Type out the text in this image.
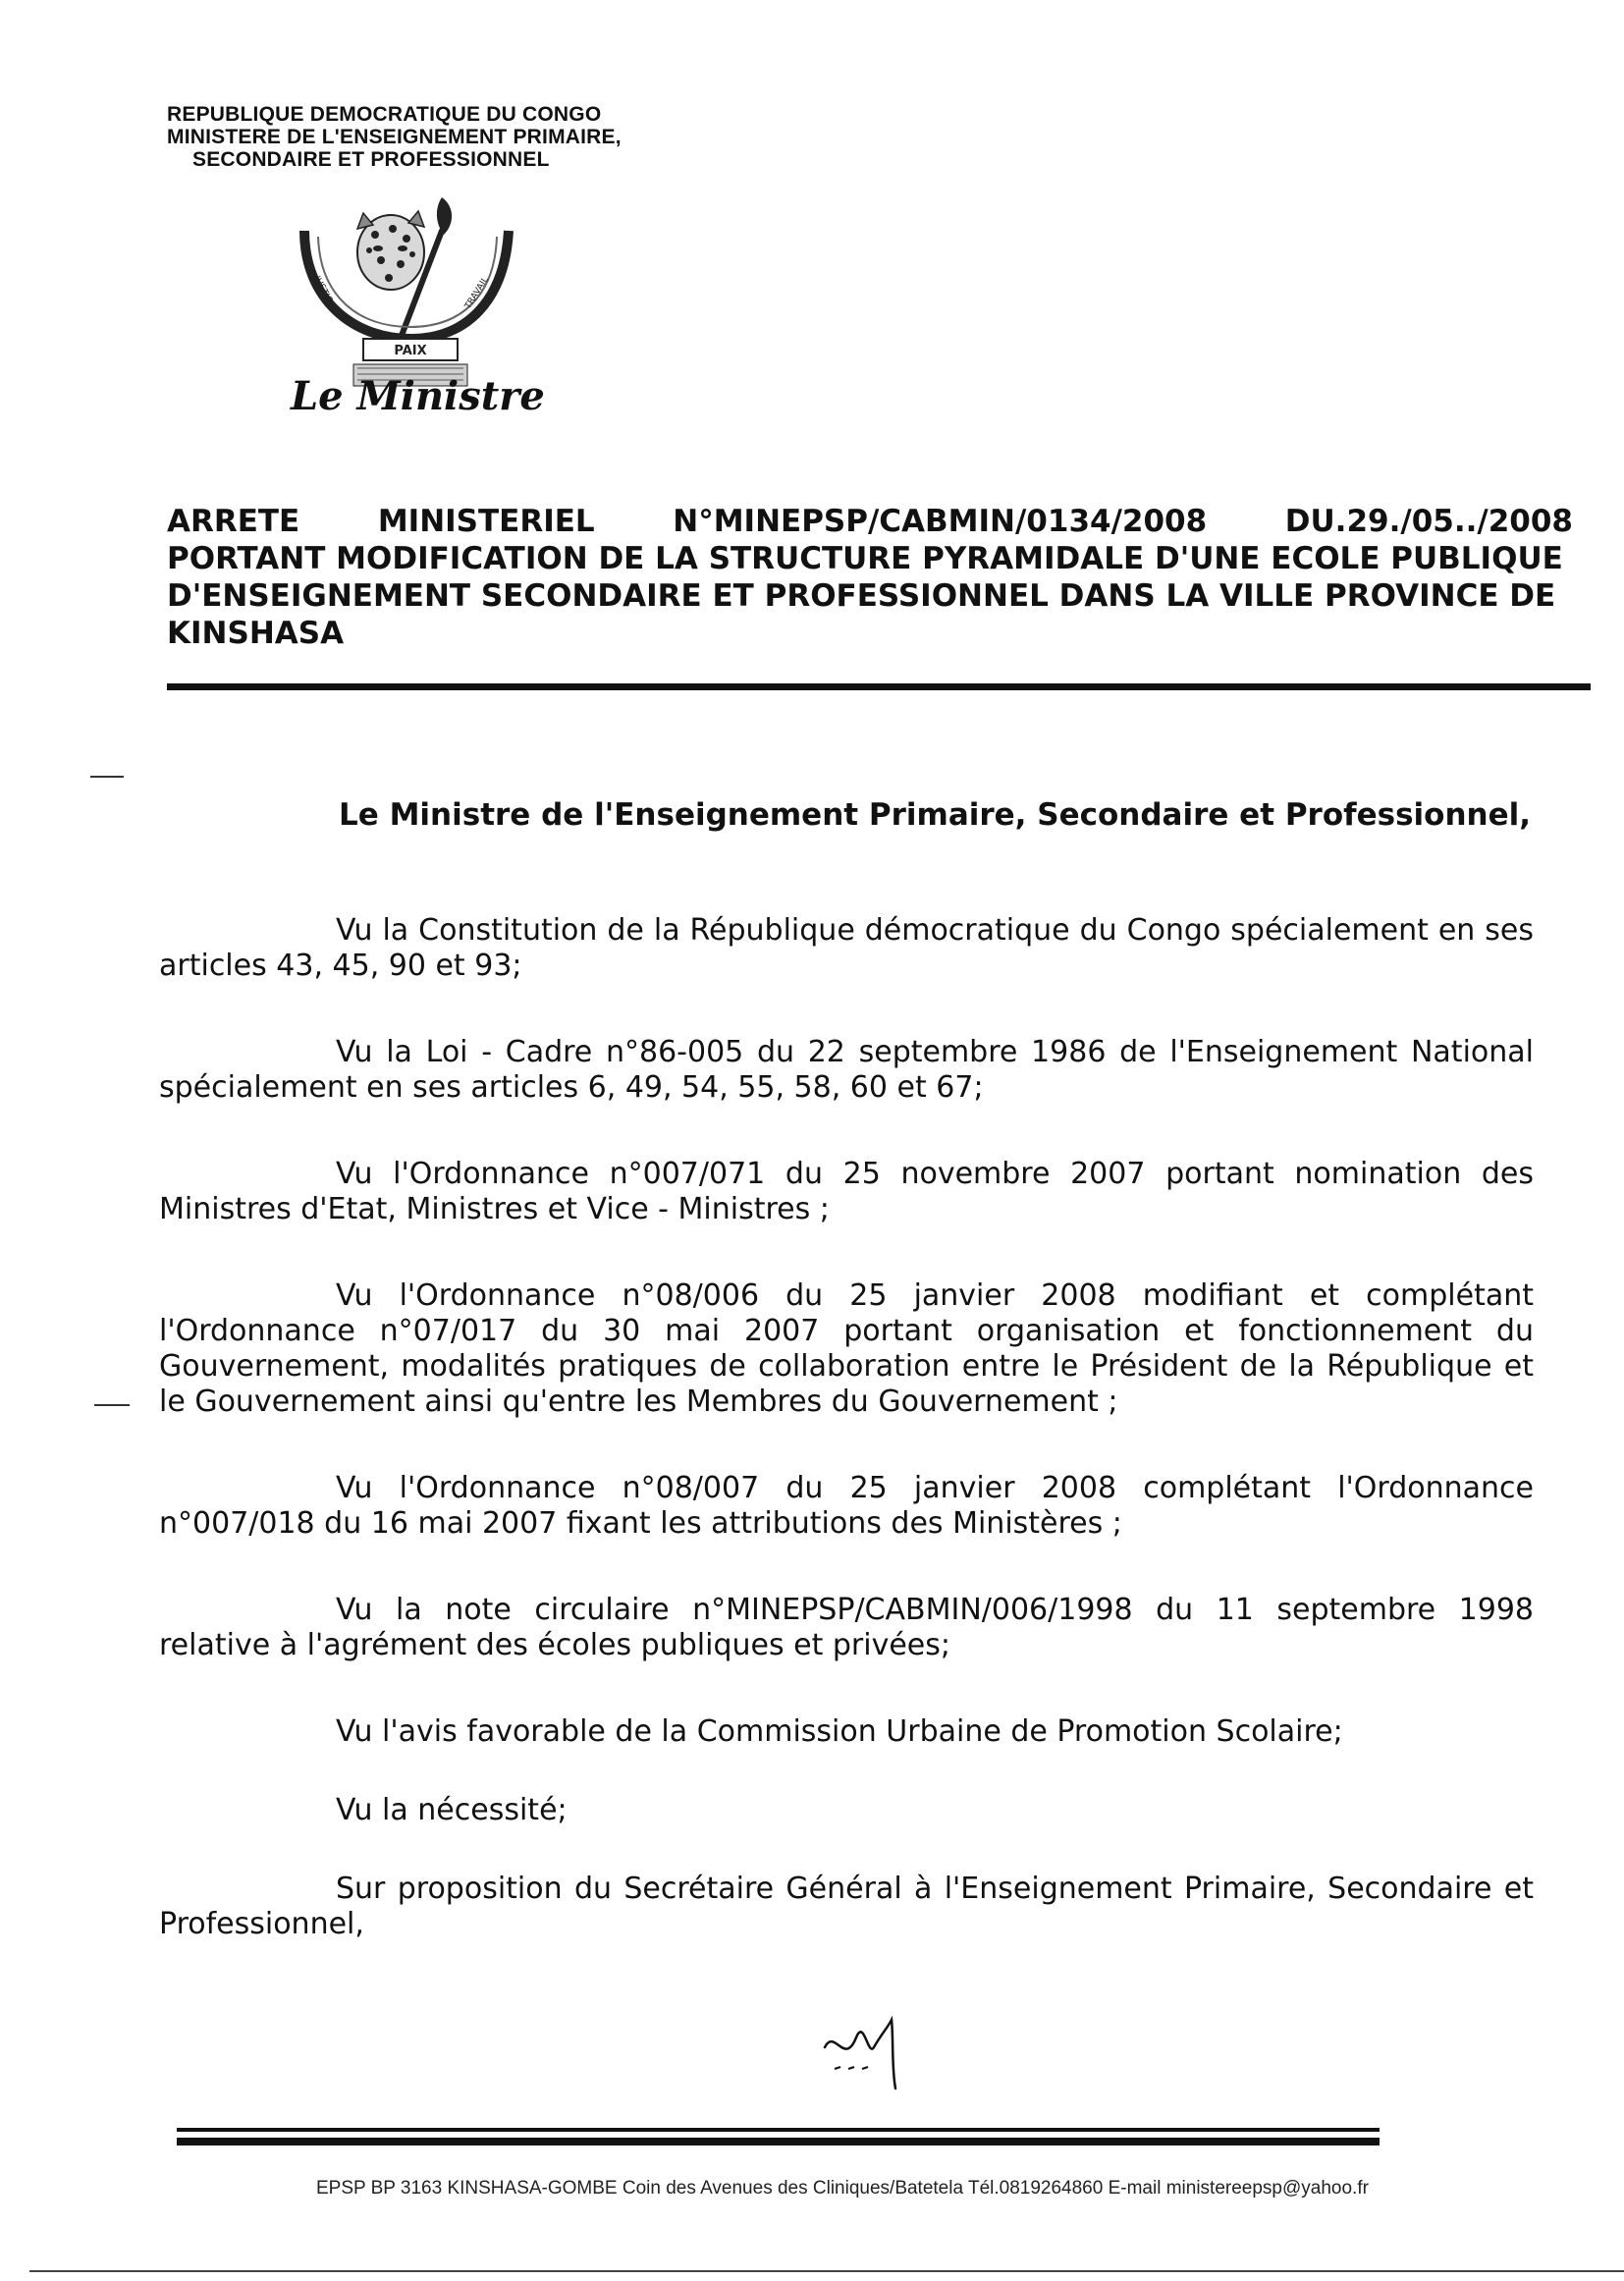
REPUBLIQUE DEMOCRATIQUE DU CONGO
MINISTERE DE L'ENSEIGNEMENT PRIMAIRE,
SECONDAIRE ET PROFESSIONNEL
PAIX
JUSTICE	TRAVAIL
Le Ministre
ARRETE	MINISTERIEL	N°MINEPSP/CABMIN/0134/2008	DU.29./05../2008
PORTANT MODIFICATION DE LA STRUCTURE PYRAMIDALE D'UNE ECOLE PUBLIQUE
D'ENSEIGNEMENT SECONDAIRE ET PROFESSIONNEL DANS LA VILLE PROVINCE DE
KINSHASA
Le Ministre de l'Enseignement Primaire, Secondaire et Professionnel,

Vu la Constitution de la République démocratique du Congo spécialement en ses articles 43, 45, 90 et 93;

Vu la Loi - Cadre n°86-005 du 22 septembre 1986 de l'Enseignement National spécialement en ses articles 6, 49, 54, 55, 58, 60 et 67;

Vu l'Ordonnance n°007/071 du 25 novembre 2007 portant nomination des Ministres d'Etat, Ministres et Vice - Ministres ;

Vu l'Ordonnance n°08/006 du 25 janvier 2008 modifiant et complétant l'Ordonnance n°07/017 du 30 mai 2007 portant organisation et fonctionnement du Gouvernement, modalités pratiques de collaboration entre le Président de la République et le Gouvernement ainsi qu'entre les Membres du Gouvernement ;

Vu l'Ordonnance n°08/007 du 25 janvier 2008 complétant l'Ordonnance n°007/018 du 16 mai 2007 fixant les attributions des Ministères ;

Vu la note circulaire n°MINEPSP/CABMIN/006/1998 du 11 septembre 1998 relative à l'agrément des écoles publiques et privées;

Vu l'avis favorable de la Commission Urbaine de Promotion Scolaire;

Vu la nécessité;

Sur proposition du Secrétaire Général à l'Enseignement Primaire, Secondaire et Professionnel,

EPSP BP 3163 KINSHASA-GOMBE Coin des Avenues des Cliniques/Batetela Tél.0819264860 E-mail ministereepsp@yahoo.fr
